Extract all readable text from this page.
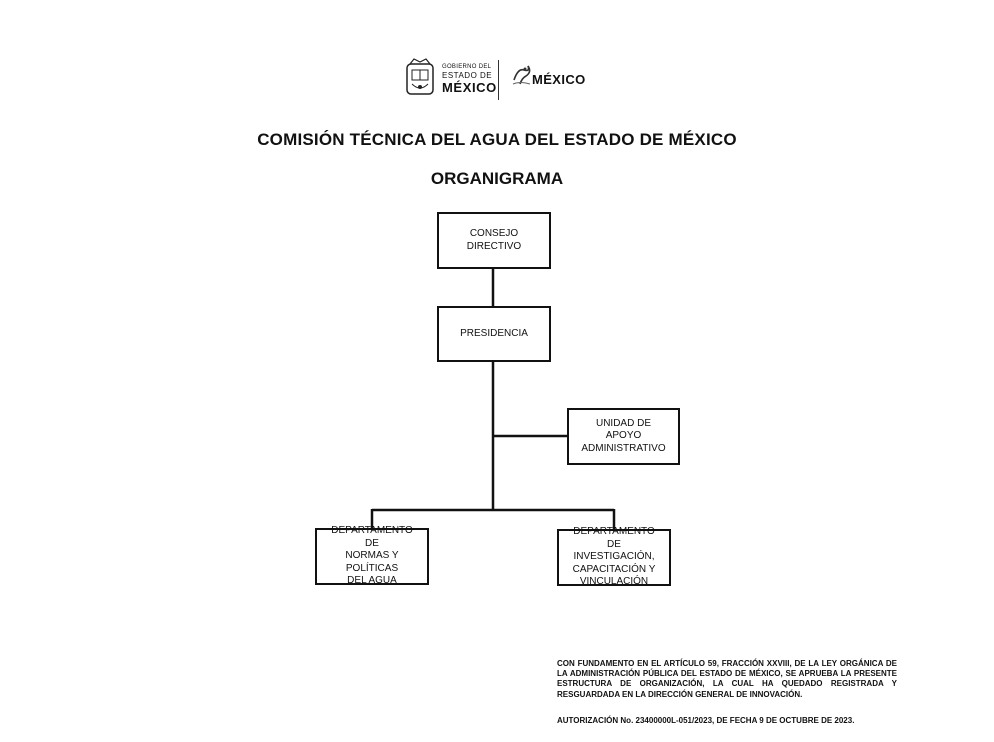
GOBIERNO DEL
ESTADO DE
MÉXICO
MÉXICO
COMISIÓN TÉCNICA DEL AGUA DEL ESTADO DE MÉXICO
ORGANIGRAMA
CONSEJO
DIRECTIVO
PRESIDENCIA
UNIDAD DE
APOYO
ADMINISTRATIVO
DEPARTAMENTO DE
NORMAS Y POLÍTICAS
DEL AGUA
DEPARTAMENTO DE
INVESTIGACIÓN,
CAPACITACIÓN Y
VINCULACIÓN
CON FUNDAMENTO EN EL ARTÍCULO 59, FRACCIÓN XXVIII, DE LA LEY ORGÁNICA DE LA ADMINISTRACIÓN PÚBLICA DEL ESTADO DE MÉXICO, SE APRUEBA LA PRESENTE ESTRUCTURA DE ORGANIZACIÓN, LA CUAL HA QUEDADO REGISTRADA Y RESGUARDADA EN LA DIRECCIÓN GENERAL DE INNOVACIÓN.
AUTORIZACIÓN No. 23400000L-051/2023, DE FECHA 9 DE OCTUBRE DE 2023.
